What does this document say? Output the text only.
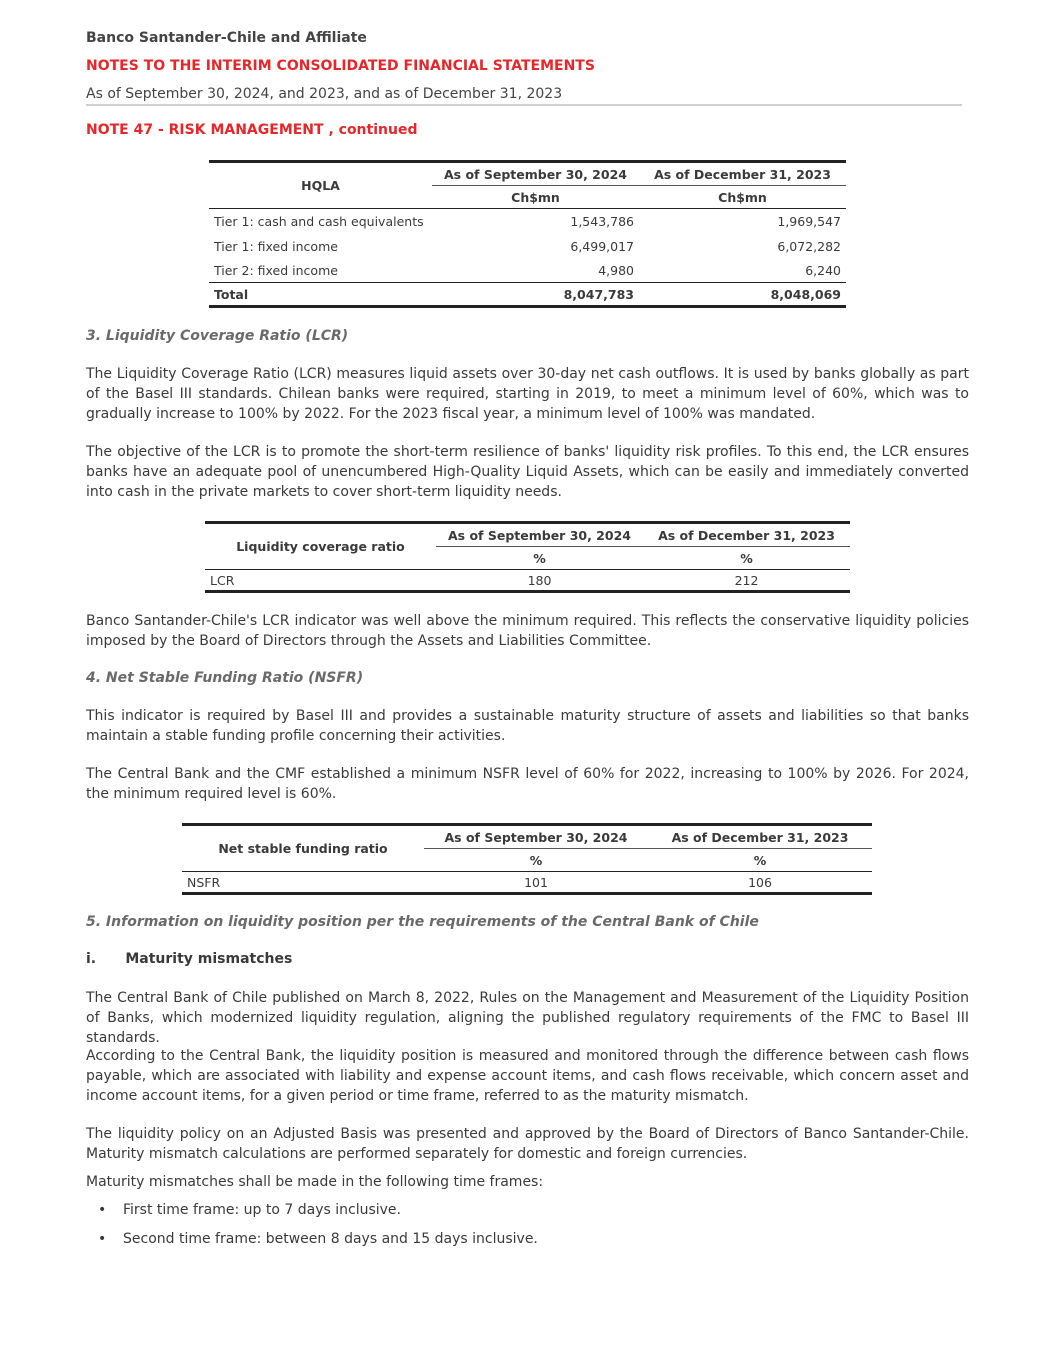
Banco Santander-Chile and Affiliate
NOTES TO THE INTERIM CONSOLIDATED FINANCIAL STATEMENTS
As of September 30, 2024, and 2023, and as of December 31, 2023
NOTE 47 - RISK MANAGEMENT , continued
HQLA	As of September 30, 2024	As of December 31, 2023
	Ch$mn	Ch$mn
Tier 1: cash and cash equivalents	1,543,786	1,969,547
Tier 1: fixed income	6,499,017	6,072,282
Tier 2: fixed income	4,980	6,240
Total	8,047,783	8,048,069
3. Liquidity Coverage Ratio (LCR)
The Liquidity Coverage Ratio (LCR) measures liquid assets over 30-day net cash outflows. It is used by banks globally as part of the Basel III standards. Chilean banks were required, starting in 2019, to meet a minimum level of 60%, which was to gradually increase to 100% by 2022. For the 2023 fiscal year, a minimum level of 100% was mandated.
The objective of the LCR is to promote the short-term resilience of banks' liquidity risk profiles. To this end, the LCR ensures banks have an adequate pool of unencumbered High-Quality Liquid Assets, which can be easily and immediately converted into cash in the private markets to cover short-term liquidity needs.
Liquidity coverage ratio	As of September 30, 2024	As of December 31, 2023
	%	%
LCR	180	212
Banco Santander-Chile's LCR indicator was well above the minimum required. This reflects the conservative liquidity policies imposed by the Board of Directors through the Assets and Liabilities Committee.
4. Net Stable Funding Ratio (NSFR)
This indicator is required by Basel III and provides a sustainable maturity structure of assets and liabilities so that banks maintain a stable funding profile concerning their activities.
The Central Bank and the CMF established a minimum NSFR level of 60% for 2022, increasing to 100% by 2026. For 2024, the minimum required level is 60%.
Net stable funding ratio	As of September 30, 2024	As of December 31, 2023
	%	%
NSFR	101	106
5. Information on liquidity position per the requirements of the Central Bank of Chile
i.      Maturity mismatches
The Central Bank of Chile published on March 8, 2022, Rules on the Management and Measurement of the Liquidity Position of Banks, which modernized liquidity regulation, aligning the published regulatory requirements of the FMC to Basel III standards.
According to the Central Bank, the liquidity position is measured and monitored through the difference between cash flows payable, which are associated with liability and expense account items, and cash flows receivable, which concern asset and income account items, for a given period or time frame, referred to as the maturity mismatch.
The liquidity policy on an Adjusted Basis was presented and approved by the Board of Directors of Banco Santander-Chile. Maturity mismatch calculations are performed separately for domestic and foreign currencies.
Maturity mismatches shall be made in the following time frames:
• First time frame: up to 7 days inclusive.
• Second time frame: between 8 days and 15 days inclusive.
